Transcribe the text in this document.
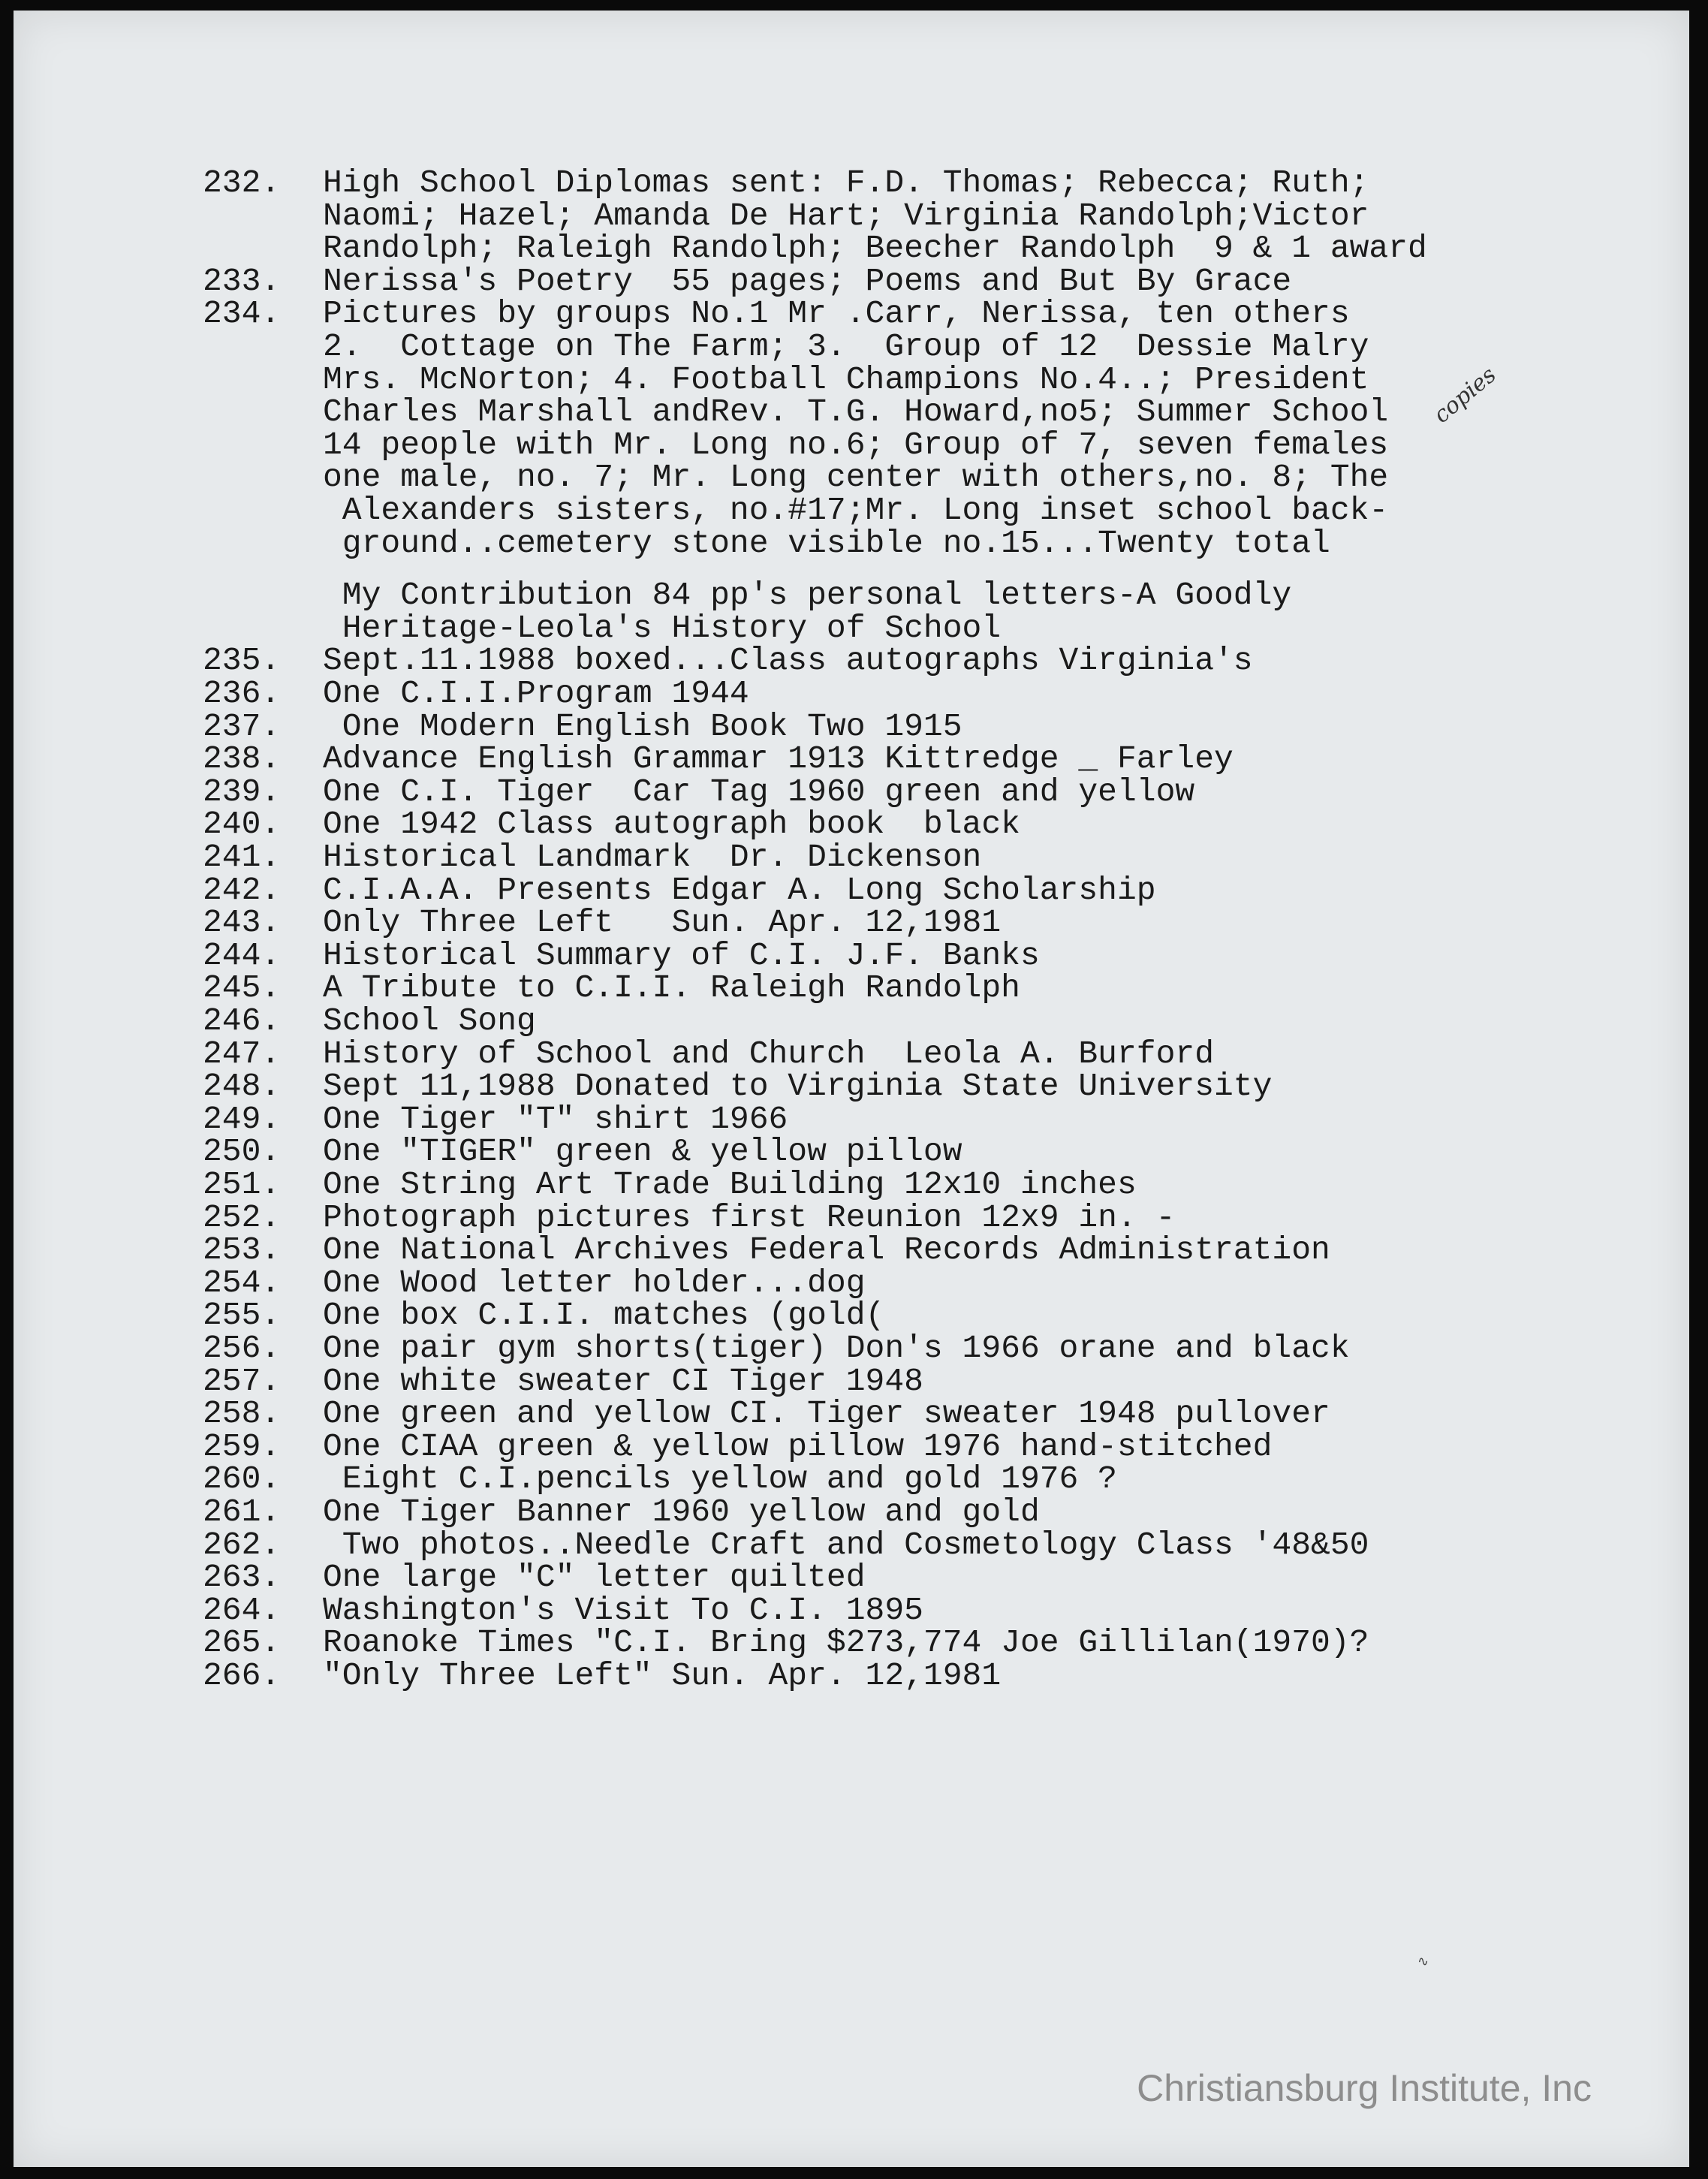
232.	High School Diplomas sent: F.D. Thomas; Rebecca; Ruth;
Naomi; Hazel; Amanda De Hart; Virginia Randolph;Victor
Randolph; Raleigh Randolph; Beecher Randolph  9 & 1 award
233.	Nerissa's Poetry  55 pages; Poems and But By Grace
234.	Pictures by groups No.1 Mr .Carr, Nerissa, ten others
2.  Cottage on The Farm; 3.  Group of 12  Dessie Malry
Mrs. McNorton; 4. Football Champions No.4..; President
Charles Marshall andRev. T.G. Howard,no5; Summer School
14 people with Mr. Long no.6; Group of 7, seven females
one male, no. 7; Mr. Long center with others,no. 8; The
Alexanders sisters, no.#17;Mr. Long inset school back-
ground..cemetery stone visible no.15...Twenty total
My Contribution 84 pp's personal letters-A Goodly
Heritage-Leola's History of School
235.	Sept.11.1988 boxed...Class autographs Virginia's
236.	One C.I.I.Program 1944
237.	One Modern English Book Two 1915
238.	Advance English Grammar 1913 Kittredge _ Farley
239.	One C.I. Tiger  Car Tag 1960 green and yellow
240.	One 1942 Class autograph book  black
241.	Historical Landmark  Dr. Dickenson
242.	C.I.A.A. Presents Edgar A. Long Scholarship
243.	Only Three Left   Sun. Apr. 12,1981
244.	Historical Summary of C.I. J.F. Banks
245.	A Tribute to C.I.I. Raleigh Randolph
246.	School Song
247.	History of School and Church  Leola A. Burford
248.	Sept 11,1988 Donated to Virginia State University
249.	One Tiger "T" shirt 1966
250.	One "TIGER" green & yellow pillow
251.	One String Art Trade Building 12x10 inches
252.	Photograph pictures first Reunion 12x9 in. -
253.	One National Archives Federal Records Administration
254.	One Wood letter holder...dog
255.	One box C.I.I. matches (gold(
256.	One pair gym shorts(tiger) Don's 1966 orane and black
257.	One white sweater CI Tiger 1948
258.	One green and yellow CI. Tiger sweater 1948 pullover
259.	One CIAA green & yellow pillow 1976 hand-stitched
260.	Eight C.I.pencils yellow and gold 1976 ?
261.	One Tiger Banner 1960 yellow and gold
262.	Two photos..Needle Craft and Cosmetology Class '48&50
263.	One large "C" letter quilted
264.	Washington's Visit To C.I. 1895
265.	Roanoke Times "C.I. Bring $273,774 Joe Gillilan(1970)?
266.	"Only Three Left" Sun. Apr. 12,1981
copies
∿
Christiansburg Institute, Inc
